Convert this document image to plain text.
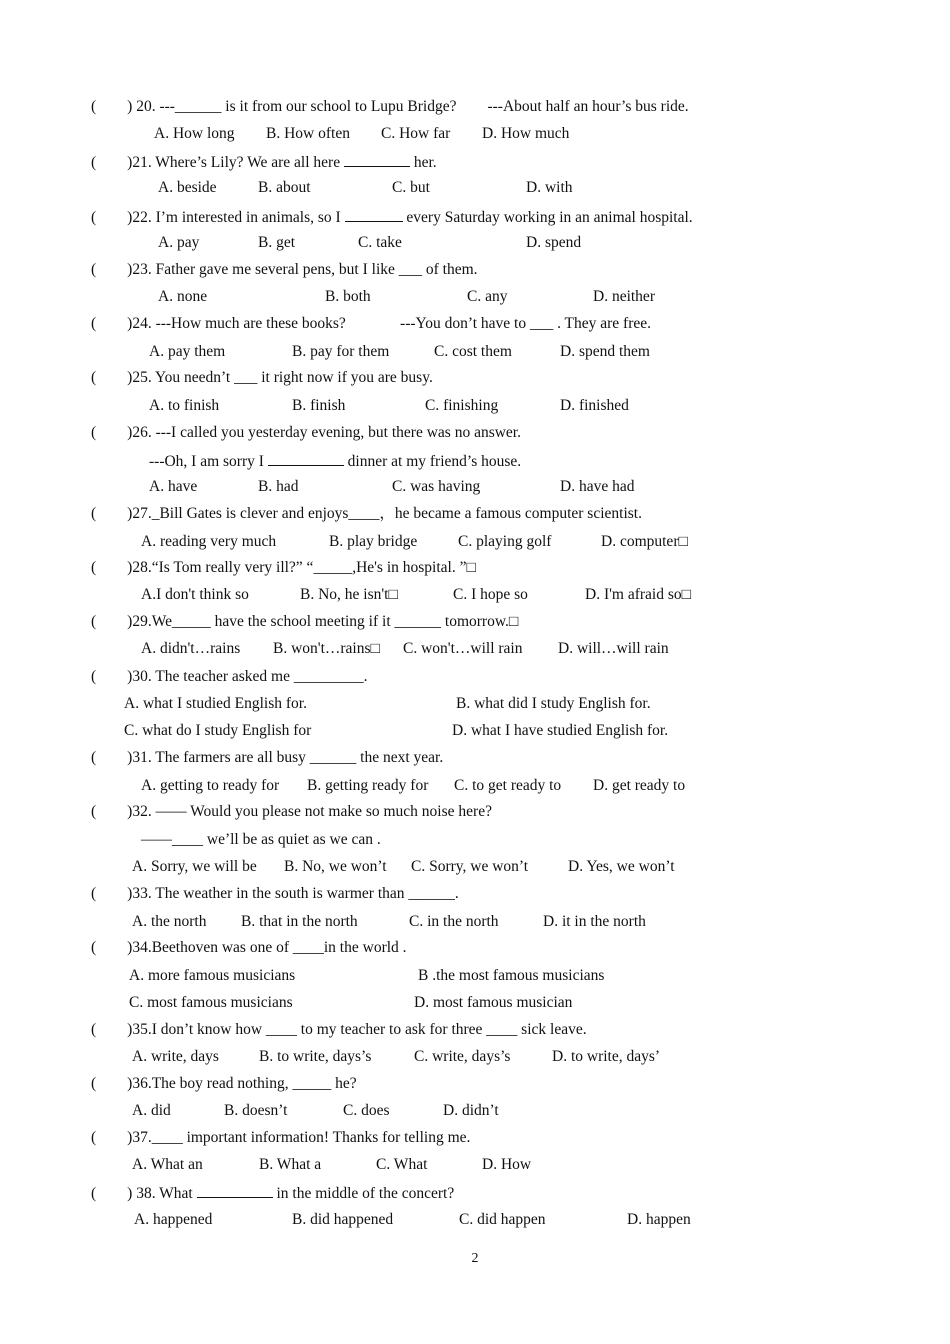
(        ) 20. ---______ is it from our school to Lupu Bridge?        ---About half an hour’s bus ride.
A. How long B. How often C. How far D. How much
(        )21. Where’s Lily? We are all here	her.
A. beside	B. about	C. but	D. with
(        )22. I’m interested in animals, so I	every Saturday working in an animal hospital.
A. pay	B. get	C. take	D. spend
(        )23. Father gave me several pens, but I like ___ of them.
A. none	B. both	C. any	D. neither
(        )24. ---How much are these books?              ---You don’t have to ___ . They are free.
A. pay them	B. pay for them	C. cost them	D. spend them
(        )25. You needn’t ___ it right now if you are busy.
A. to finish	B. finish	C. finishing	D. finished
(        )26. ---I called you yesterday evening, but there was no answer.
---Oh, I am sorry I	dinner at my friend’s house.
A. have	B. had	C. was having	D. have had
(        )27._Bill Gates is clever and enjoys____，he became a famous computer scientist.
A. reading very much	B. play bridge	C. playing golf	D. computer□
(        )28.“Is Tom really very ill?” “_____,He's in hospital. ”□
A.I don't think so	B. No, he isn't□	C. I hope so	D. I'm afraid so□
(        )29.We_____ have the school meeting if it ______ tomorrow.□
A. didn't…rains B. won't…rains□ C. won't…will rain D. will…will rain
(        )30. The teacher asked me _________.
A. what I studied English for.	B. what did I study English for.
C. what do I study English for	D. what I have studied English for.
(        )31. The farmers are all busy ______ the next year.
A. getting to ready for B. getting ready for C. to get ready to D. get ready to
(        )32. —— Would you please not make so much noise here?
——____ we’ll be as quiet as we can .
A. Sorry, we will be B. No, we won’t C. Sorry, we won’t	D. Yes, we won’t
(        )33. The weather in the south is warmer than ______.
A. the north B. that in the north	C. in the north	D. it in the north
(        )34.Beethoven was one of ____in the world .
A. more famous musicians	B .the most famous musicians
C. most famous musicians	D. most famous musician
(        )35.I don’t know how ____ to my teacher to ask for three ____ sick leave.
A. write, days	B. to write, days’s	C. write, days’s	D. to write, days’
(        )36.The boy read nothing, _____ he?
A. did	B. doesn’t	C. does	D. didn’t
(        )37.____ important information! Thanks for telling me.
A. What an	B. What a	C. What	D. How
(        ) 38. What	in the middle of the concert?
A. happened	B. did happened	C. did happen	D. happen
2
